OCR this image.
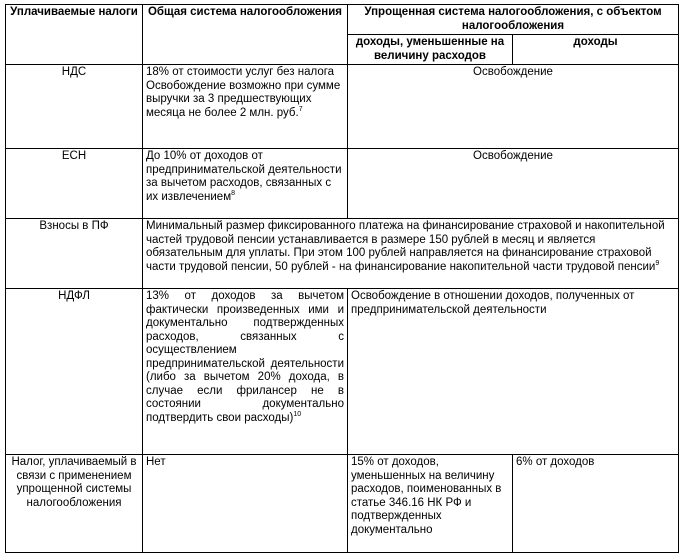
Уплачиваемые налоги	Общая система налогообложения	Упрощенная система налогообложения, с объектом налогообложения	
		доходы, уменьшенные на величину расходов	доходы
НДС	18% от стоимости услуг без налога Освобождение возможно при сумме выручки за 3 предшествующих месяца не более 2 млн. руб.$^7$	Освобождение	
ЕСН	До 10% от доходов от предпринимательской деятельности за вычетом расходов, связанных с их извлечением$^8$	Освобождение	
Взносы в ПФ	Минимальный размер фиксированного платежа на финансирование страховой и накопительной частей трудовой пенсии устанавливается в размере 150 рублей в месяц и является обязательным для уплаты. При этом 100 рублей направляется на финансирование страховой части трудовой пенсии, 50 рублей - на финансирование накопительной части трудовой пенсии$^9$
НДФЛ	13% от доходов за вычетом фактически произведенных ими и документально подтвержденных расходов, связанных с осуществлением предпринимательской деятельности (либо за вычетом 20% дохода, в случае если фрилансер не в состоянии документально подтвердить свои расходы)$^{10}$	Освобождение в отношении доходов, полученных от предпринимательской деятельности	
Налог, уплачиваемый в связи с применением упрощенной системы налогообложения	Нет	15% от доходов, уменьшенных на величину расходов, поименованных в статье 346.16 НК РФ и подтвержденных документально	6% от доходов
